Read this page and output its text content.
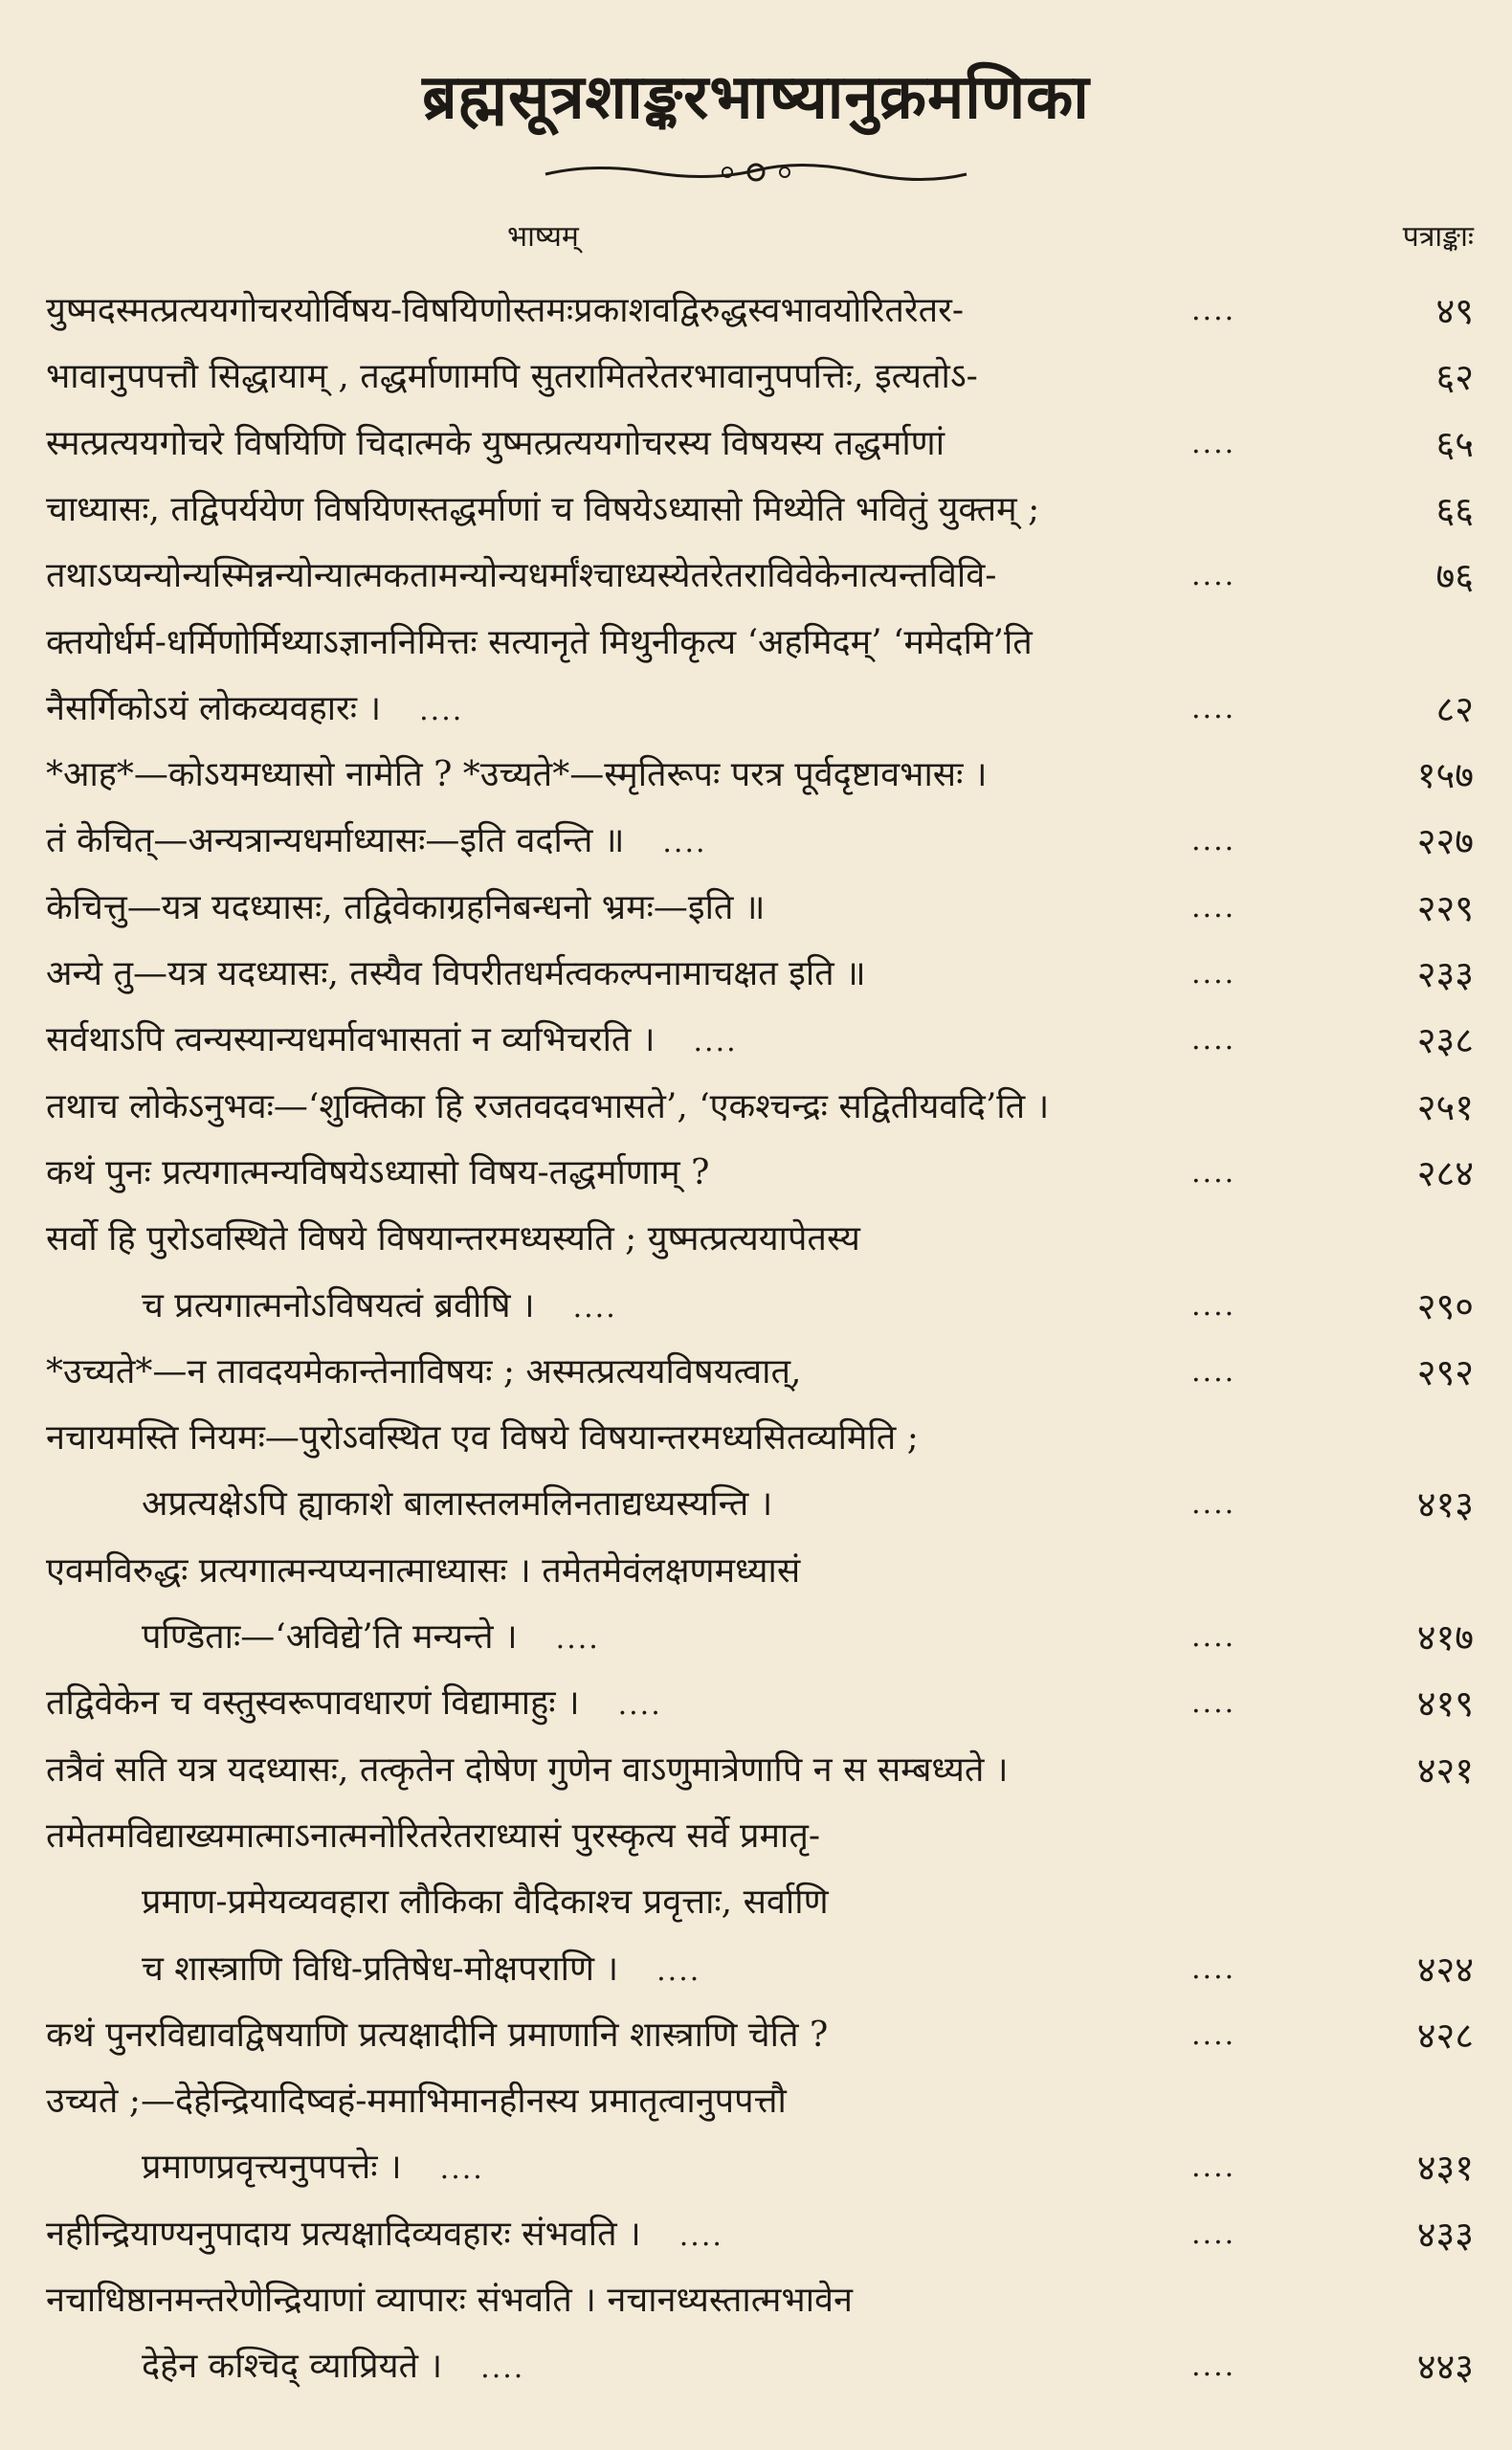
ब्रह्मसूत्रशाङ्करभाष्यानुक्रमणिका
भाष्यम्	पत्राङ्काः
युष्मदस्मत्प्रत्ययगोचरयोर्विषय-विषयिणोस्तमःप्रकाशवद्विरुद्धस्वभावयोरितरेतर-	....	४९
भावानुपपत्तौ सिद्धायाम् , तद्धर्माणामपि सुतरामितरेतरभावानुपपत्तिः, इत्यतोऽ-	६२
स्मत्प्रत्ययगोचरे विषयिणि चिदात्मके युष्मत्प्रत्ययगोचरस्य विषयस्य तद्धर्माणां	....	६५
चाध्यासः, तद्विपर्ययेण विषयिणस्तद्धर्माणां च विषयेऽध्यासो मिथ्येति भवितुं युक्तम् ;	६६
तथाऽप्यन्योन्यस्मिन्नन्योन्यात्मकतामन्योन्यधर्मांश्चाध्यस्येतरेतराविवेकेनात्यन्तविवि-	....	७६
क्तयोर्धर्म-धर्मिणोर्मिथ्याऽज्ञाननिमित्तः सत्यानृते मिथुनीकृत्य ‘अहमिदम्’ ‘ममेदमि’ति
नैसर्गिकोऽयं लोकव्यवहारः । ....	....	८२
*आह*—कोऽयमध्यासो नामेति ? *उच्यते*—स्मृतिरूपः परत्र पूर्वदृष्टावभासः ।	१५७
तं केचित्—अन्यत्रान्यधर्माध्यासः—इति वदन्ति ॥ ....	....	२२७
केचित्तु—यत्र यदध्यासः, तद्विवेकाग्रहनिबन्धनो भ्रमः—इति ॥	....	२२९
अन्ये तु—यत्र यदध्यासः, तस्यैव विपरीतधर्मत्वकल्पनामाचक्षत इति ॥	....	२३३
सर्वथाऽपि त्वन्यस्यान्यधर्मावभासतां न व्यभिचरति । ....	....	२३८
तथाच लोकेऽनुभवः—‘शुक्तिका हि रजतवदवभासते’, ‘एकश्चन्द्रः सद्वितीयवदि’ति ।	२५१
कथं पुनः प्रत्यगात्मन्यविषयेऽध्यासो विषय-तद्धर्माणाम् ?	....	२८४
सर्वो हि पुरोऽवस्थिते विषये विषयान्तरमध्यस्यति ; युष्मत्प्रत्ययापेतस्य
च प्रत्यगात्मनोऽविषयत्वं ब्रवीषि । ....	....	२९०
*उच्यते*—न तावदयमेकान्तेनाविषयः ; अस्मत्प्रत्ययविषयत्वात्,	....	२९२
नचायमस्ति नियमः—पुरोऽवस्थित एव विषये विषयान्तरमध्यसितव्यमिति ;
अप्रत्यक्षेऽपि ह्याकाशे बालास्तलमलिनताद्यध्यस्यन्ति ।	....	४१३
एवमविरुद्धः प्रत्यगात्मन्यप्यनात्माध्यासः । तमेतमेवंलक्षणमध्यासं
पण्डिताः—‘अविद्ये’ति मन्यन्ते । ....	....	४१७
तद्विवेकेन च वस्तुस्वरूपावधारणं विद्यामाहुः । ....	....	४१९
तत्रैवं सति यत्र यदध्यासः, तत्कृतेन दोषेण गुणेन वाऽणुमात्रेणापि न स सम्बध्यते ।	४२१
तमेतमविद्याख्यमात्माऽनात्मनोरितरेतराध्यासं पुरस्कृत्य सर्वे प्रमातृ-
प्रमाण-प्रमेयव्यवहारा लौकिका वैदिकाश्च प्रवृत्ताः, सर्वाणि
च शास्त्राणि विधि-प्रतिषेध-मोक्षपराणि । ....	....	४२४
कथं पुनरविद्यावद्विषयाणि प्रत्यक्षादीनि प्रमाणानि शास्त्राणि चेति ?	....	४२८
उच्यते ;—देहेन्द्रियादिष्वहं-ममाभिमानहीनस्य प्रमातृत्वानुपपत्तौ
प्रमाणप्रवृत्त्यनुपपत्तेः । ....	....	४३१
नहीन्द्रियाण्यनुपादाय प्रत्यक्षादिव्यवहारः संभवति । ....	....	४३३
नचाधिष्ठानमन्तरेणेन्द्रियाणां व्यापारः संभवति । नचानध्यस्तात्मभावेन
देहेन कश्चिद् व्याप्रियते । ....	....	४४३
